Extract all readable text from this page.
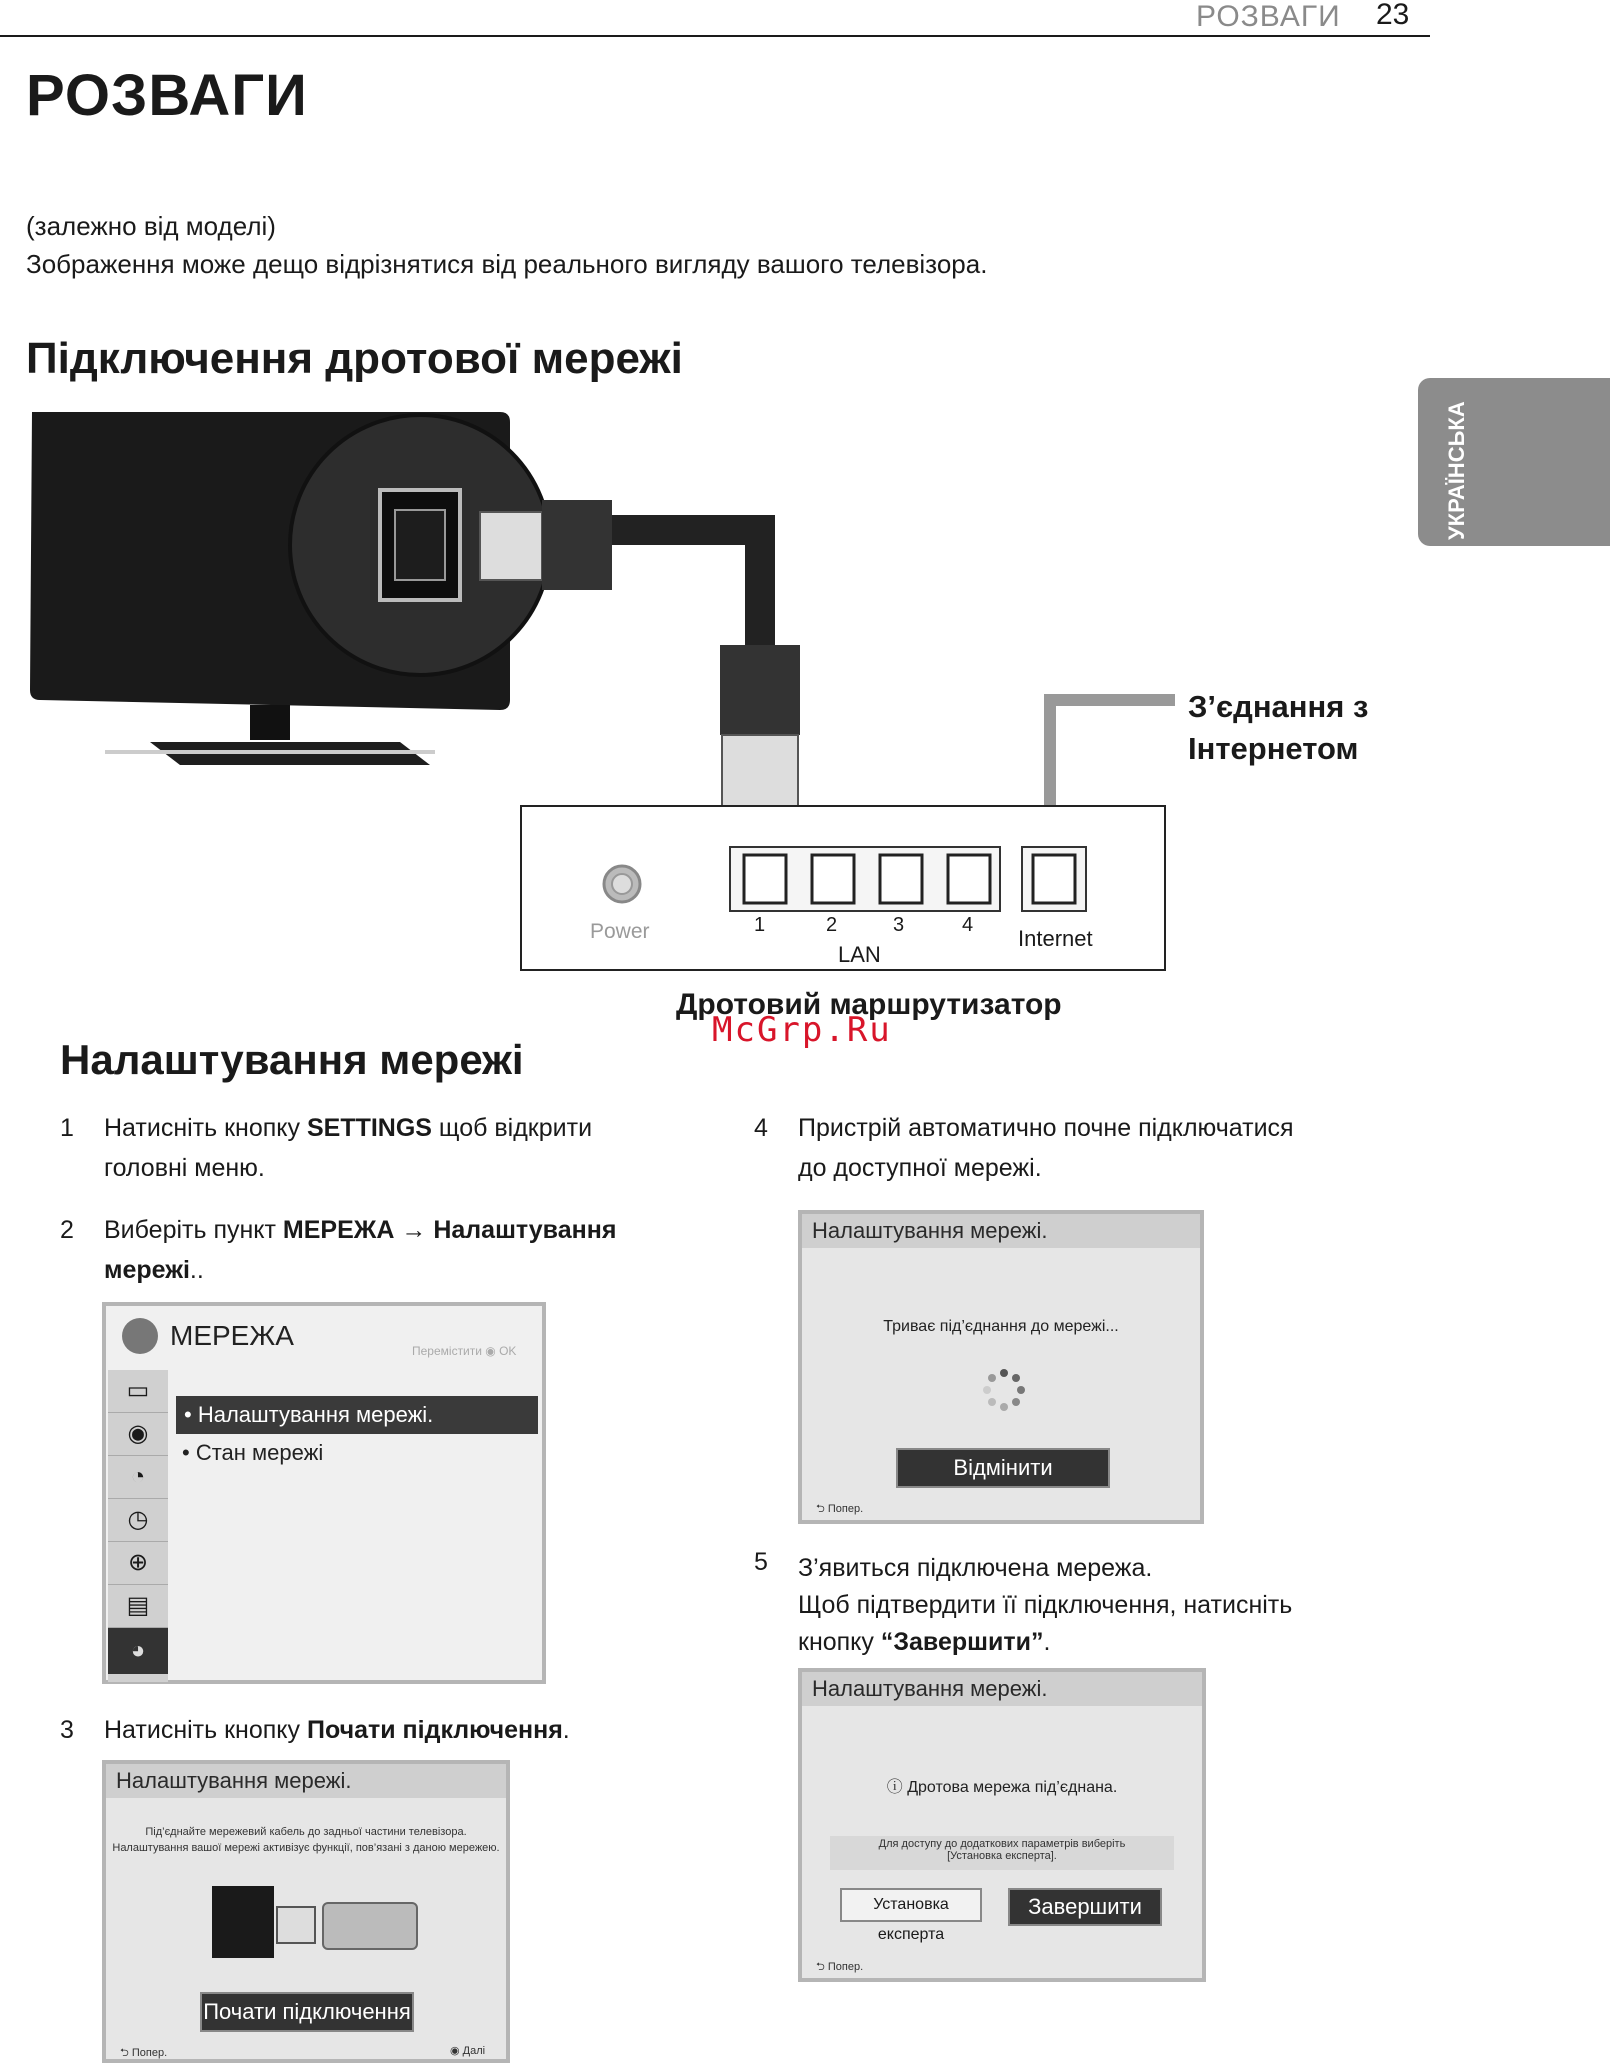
РОЗВАГИ 23
РОЗВАГИ
(залежно від моделі)
Зображення може дещо відрізнятися від реального вигляду вашого телевізора.
УКРАЇНСЬКА
Підключення дротової мережі
З’єднання з
Інтернетом
Power	1	2	3	4
LAN
Internet
Дротовий маршрутизатор
McGrp.Ru
Налаштування мережі
1 Натисніть кнопку SETTINGS щоб відкрити
головні меню.
2 Виберіть пункт МЕРЕЖА → Налаштування
мережі..
МЕРЕЖА	Перемістити ◉ OK
▭
◉
◔
◷
⊕
▤
◕
• Налаштування мережі.
• Стан мережі
3 Натисніть кнопку Почати підключення.
Налаштування мережі.
Під’єднайте мережевий кабель до задньої частини телевізора.
Налаштування вашої мережі активізує функції, пов’язані з даною мережею.
Почати підключення
⮌ Попер.	◉ Далі
4 Пристрій автоматично почне підключатися
до доступної мережі.
Налаштування мережі.
Триває під’єднання до мережі...
Відмінити
⮌ Попер.
5 З’явиться підключена мережа.
Щоб підтвердити її підключення, натисніть
кнопку “Завершити”.
Налаштування мережі.
ⓘ Дротова мережа під’єднана.
Для доступу до додаткових параметрів виберіть
[Установка експерта].
Установка експерта
Завершити
⮌ Попер.
